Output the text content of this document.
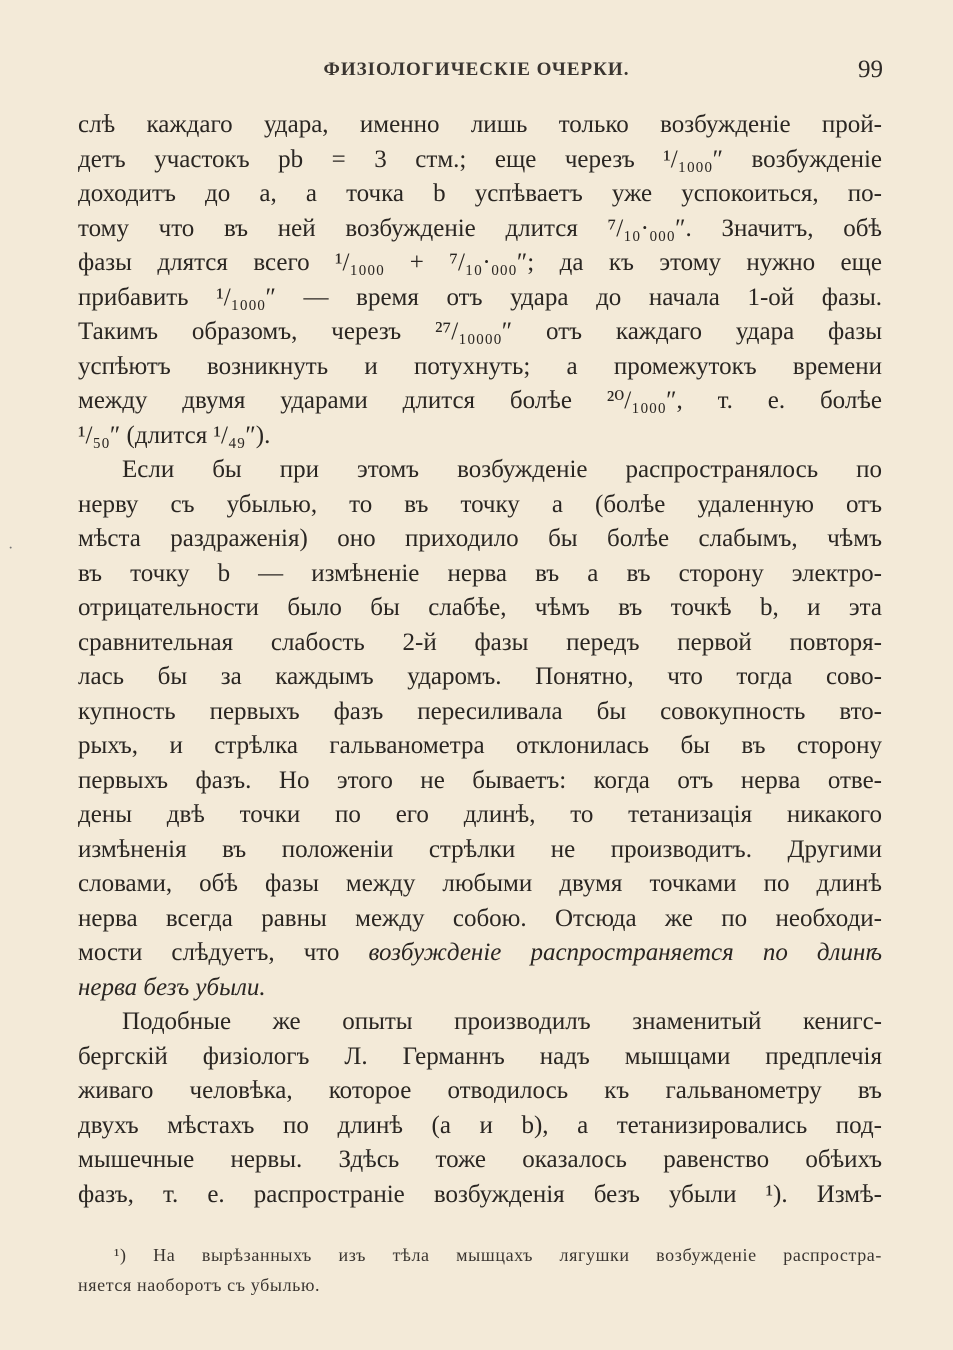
ФИЗІОЛОГИЧЕСКІЕ ОЧЕРКИ.	99
·

слѣ каждаго удара, именно лишь только возбужденіе прой-
детъ участокъ pb = 3 стм.; еще черезъ ¹/₁₀₀₀″ возбужденіе
доходитъ до a, а точка b успѣваетъ уже успокоиться, по-
тому что въ ней возбужденіе длится ⁷/₁₀·₀₀₀″. Значитъ, обѣ
фазы длятся всего ¹/₁₀₀₀ + ⁷/₁₀·₀₀₀″; да къ этому нужно еще
прибавить ¹/₁₀₀₀″ — время отъ удара до начала 1-ой фазы.
Такимъ образомъ, черезъ ²⁷/₁₀₀₀₀″ отъ каждаго удара фазы
успѣютъ возникнуть и потухнуть; а промежутокъ времени
между двумя ударами длится болѣе ²⁰/₁₀₀₀″, т. е. болѣе
¹/₅₀″ (длится ¹/₄₉″).

Если бы при этомъ возбужденіе распространялось по
нерву съ убылью, то въ точку a (болѣе удаленную отъ
мѣста раздраженія) оно приходило бы болѣе слабымъ, чѣмъ
въ точку b — измѣненіе нерва въ a въ сторону электро-
отрицательности было бы слабѣе, чѣмъ въ точкѣ b, и эта
сравнительная слабость 2-й фазы передъ первой повторя-
лась бы за каждымъ ударомъ. Понятно, что тогда сово-
купность первыхъ фазъ пересиливала бы совокупность вто-
рыхъ, и стрѣлка гальванометра отклонилась бы въ сторону
первыхъ фазъ. Но этого не бываетъ: когда отъ нерва отве-
дены двѣ точки по его длинѣ, то тетанизація никакого
измѣненія въ положеніи стрѣлки не производитъ. Другими
словами, обѣ фазы между любыми двумя точками по длинѣ
нерва всегда равны между собою. Отсюда же по необходи-
мости слѣдуетъ, что возбужденіе распространяется по длинѣ
нерва безъ убыли.

Подобные же опыты производилъ знаменитый кенигс-
бергскій физіологъ Л. Германнъ надъ мышцами предплечія
живаго человѣка, которое отводилось къ гальванометру въ
двухъ мѣстахъ по длинѣ (a и b), а тетанизировались под-
мышечные нервы. Здѣсь тоже оказалось равенство обѣихъ
фазъ, т. е. распространіе возбужденія безъ убыли ¹). Измѣ-

¹) На вырѣзанныхъ изъ тѣла мышцахъ лягушки возбужденіе распростра-
няется наоборотъ съ убылью.
